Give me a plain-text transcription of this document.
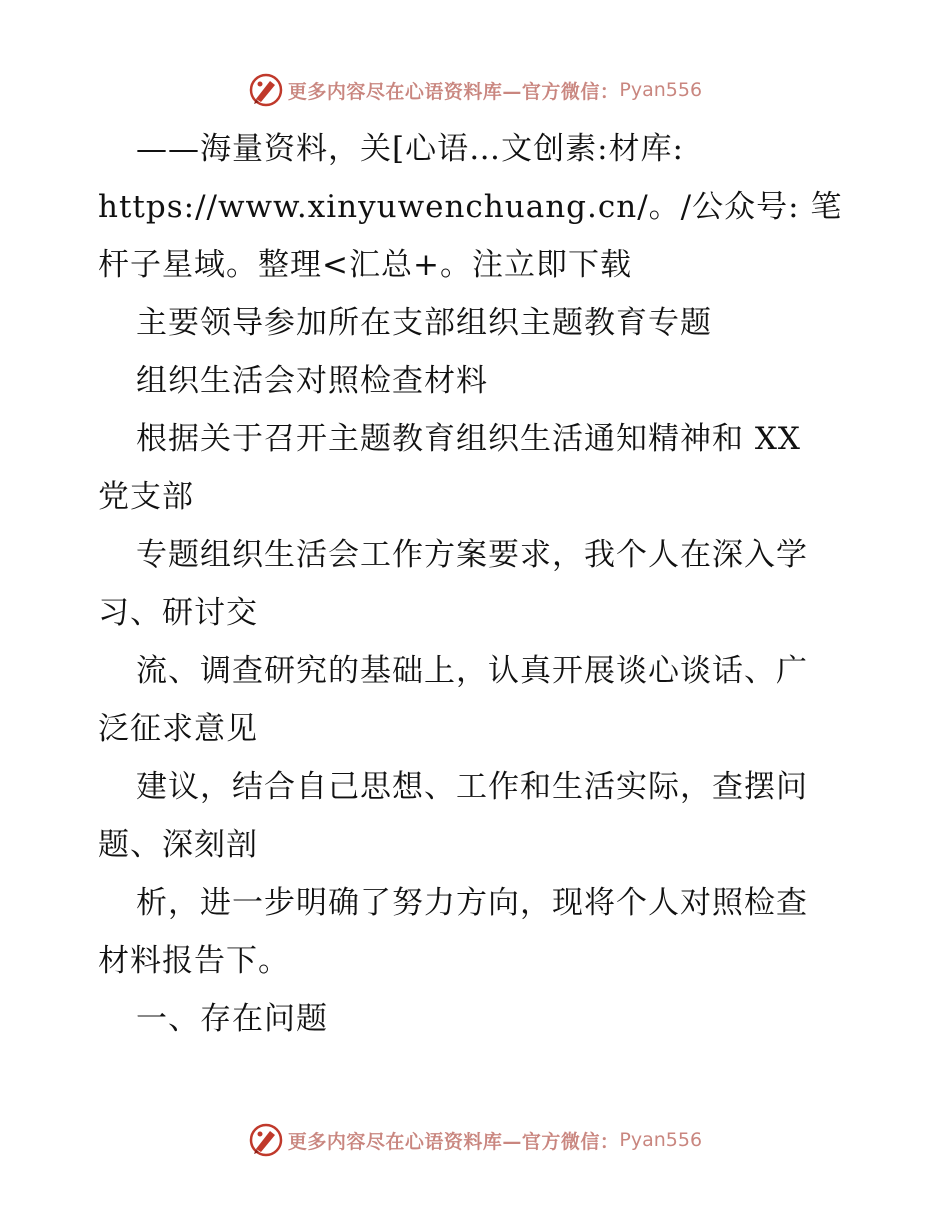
更多内容尽在心语资料库—官方微信： Pyan556
——海量资料，关[心语…文创素:材库:
https://www.xinyuwenchuang.cn/。/公众号: 笔
杆子星域。整理<汇总+。注立即下载
主要领导参加所在支部组织主题教育专题
组织生活会对照检查材料
根据关于召开主题教育组织生活通知精神和 XX
党支部
专题组织生活会工作方案要求，我个人在深入学
习、研讨交
流、调查研究的基础上，认真开展谈心谈话、广
泛征求意见
建议，结合自己思想、工作和生活实际，查摆问
题、深刻剖
析，进一步明确了努力方向，现将个人对照检查
材料报告下。
一、存在问题
更多内容尽在心语资料库—官方微信： Pyan556
